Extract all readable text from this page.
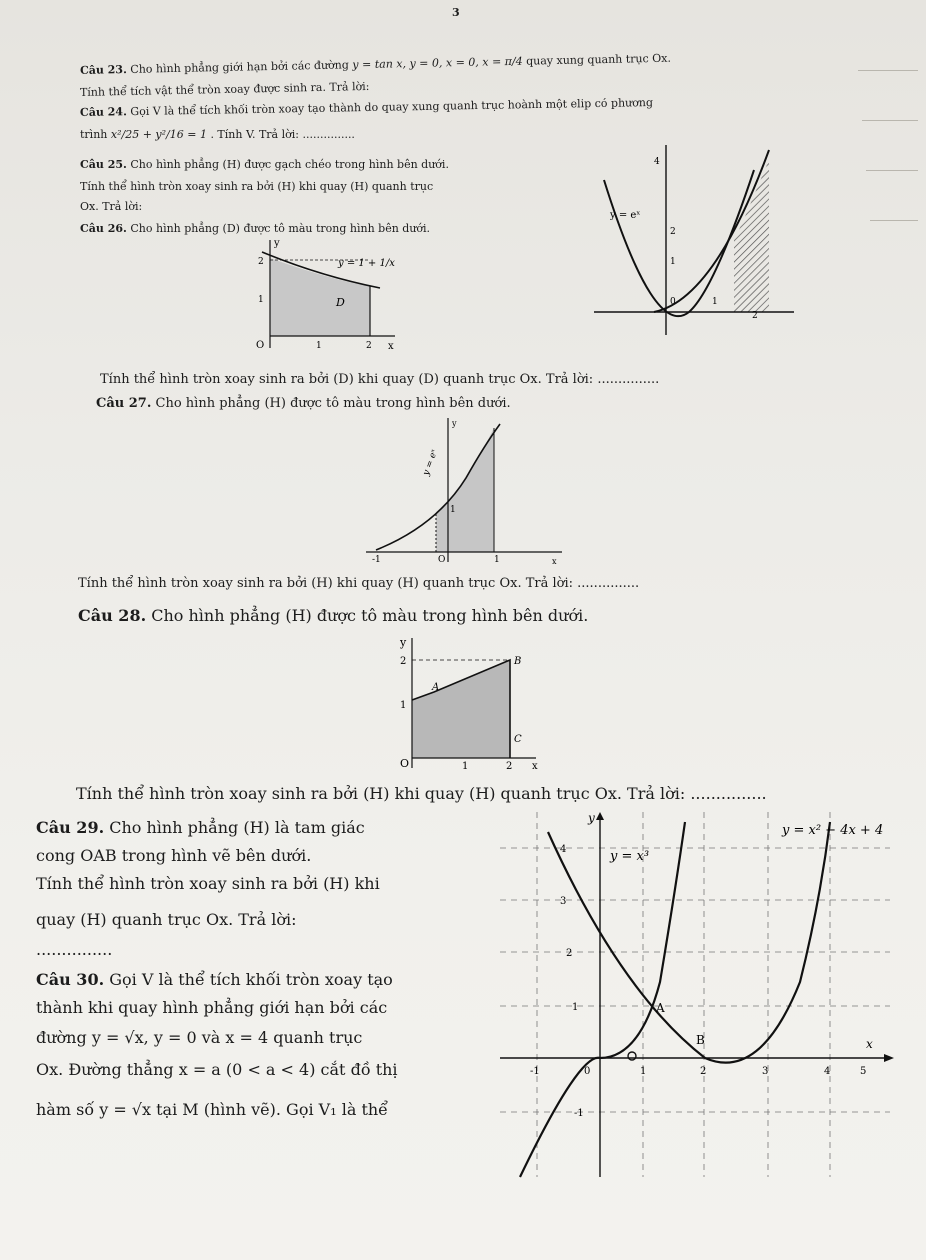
3
Câu 23. Cho hình phẳng giới hạn bởi các đường y = tan x, y = 0, x = 0, x = π/4 quay xung quanh trục Ox.
Tính thể tích vật thể tròn xoay được sinh ra. Trả lời:
Câu 24. Gọi V là thể tích khối tròn xoay tạo thành do quay xung quanh trục hoành một elip có phương
trình x²/25 + y²/16 = 1 . Tính V. Trả lời: ...............
Câu 25. Cho hình phẳng (H) được gạch chéo trong hình bên dưới.
Tính thể hình tròn xoay sinh ra bởi (H) khi quay (H) quanh trục
Ox. Trả lời:
y = eˣ
0	1
2
1
2
4
Câu 26. Cho hình phẳng (D) được tô màu trong hình bên dưới.
y = 1 + 1/x
D
y
x
O	1	2
1
2
Tính thể hình tròn xoay sinh ra bởi (D) khi quay (D) quanh trục Ox. Trả lời: ...............
Câu 27. Cho hình phẳng (H) được tô màu trong hình bên dưới.
y = eˣ
y
x
-1	O	1
1
Tính thể hình tròn xoay sinh ra bởi (H) khi quay (H) quanh trục Ox. Trả lời: ...............
Câu 28. Cho hình phẳng (H) được tô màu trong hình bên dưới.
y
x
O	1	2
1
2
A
B
C
Tính thể hình tròn xoay sinh ra bởi (H) khi quay (H) quanh trục Ox. Trả lời: ...............
Câu 29. Cho hình phẳng (H) là tam giác
cong OAB trong hình vẽ bên dưới.
Tính thể hình tròn xoay sinh ra bởi (H) khi
quay (H) quanh trục Ox. Trả lời:
...............
Câu 30. Gọi V là thể tích khối tròn xoay tạo
thành khi quay hình phẳng giới hạn bởi các
đường y = √x, y = 0 và x = 4 quanh trục
Ox. Đường thẳng x = a (0 < a < 4) cắt đồ thị
hàm số y = √x tại M (hình vẽ). Gọi V₁ là thể
y = x³
y = x² − 4x + 4
y
x
A
B
4
3
2
1
-1
-1	0	1	2	3	4	5
